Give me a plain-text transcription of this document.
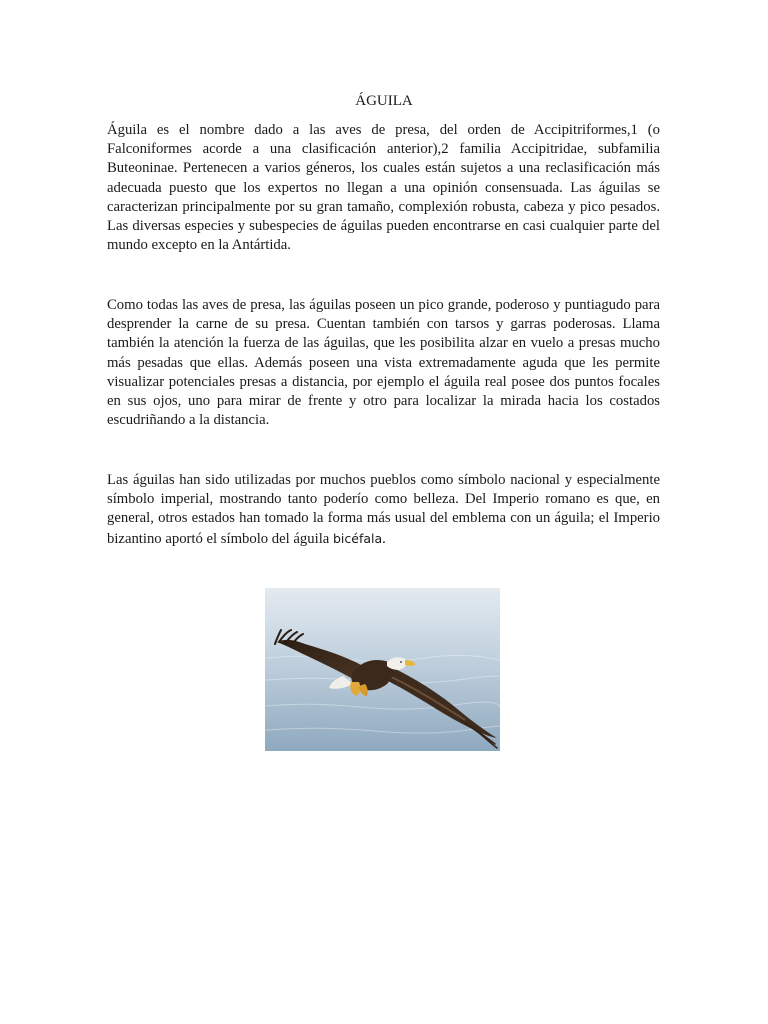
ÁGUILA

Águila es el nombre dado a las aves de presa, del orden de Accipitriformes,1 (o Falconiformes acorde a una clasificación anterior),2 familia Accipitridae, subfamilia Buteoninae. Pertenecen a varios géneros, los cuales están sujetos a una reclasificación más adecuada puesto que los expertos no llegan a una opinión consensuada. Las águilas se caracterizan principalmente por su gran tamaño, complexión robusta, cabeza y pico pesados. Las diversas especies y subespecies de águilas pueden encontrarse en casi cualquier parte del mundo excepto en la Antártida.

Como todas las aves de presa, las águilas poseen un pico grande, poderoso y puntiagudo para desprender la carne de su presa. Cuentan también con tarsos y garras poderosas. Llama también la atención la fuerza de las águilas, que les posibilita alzar en vuelo a presas mucho más pesadas que ellas. Además poseen una vista extremadamente aguda que les permite visualizar potenciales presas a distancia, por ejemplo el águila real posee dos puntos focales en sus ojos, uno para mirar de frente y otro para localizar la mirada hacia los costados escudriñando a la distancia.

Las águilas han sido utilizadas por muchos pueblos como símbolo nacional y especialmente símbolo imperial, mostrando tanto poderío como belleza. Del Imperio romano es que, en general, otros estados han tomado la forma más usual del emblema con un águila; el Imperio bizantino aportó el símbolo del águila bicéfala.
